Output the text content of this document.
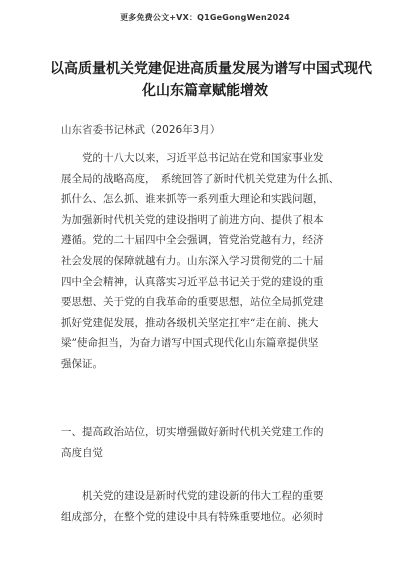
更多免费公文+VX：Q1GeGongWen2024
以高质量机关党建促进高质量发展为谱写中国式现代
化山东篇章赋能增效
山东省委书记林武（2026年3月）
　　党的十八大以来，习近平总书记站在党和国家事业发
展全局的战略高度，　系统回答了新时代机关党建为什么抓、
抓什么、怎么抓、谁来抓等一系列重大理论和实践问题，
为加强新时代机关党的建设指明了前进方向、提供了根本
遵循。党的二十届四中全会强调，管党治党越有力，经济
社会发展的保障就越有力。山东深入学习贯彻党的二十届
四中全会精神，认真落实习近平总书记关于党的建设的重
要思想、关于党的自我革命的重要思想，站位全局抓党建
抓好党建促发展，推动各级机关坚定扛牢“走在前、挑大
梁”使命担当，为奋力谱写中国式现代化山东篇章提供坚
强保证。
一、提高政治站位，切实增强做好新时代机关党建工作的
高度自觉
　　机关党的建设是新时代党的建设新的伟大工程的重要
组成部分，在整个党的建设中具有特殊重要地位。必须时
